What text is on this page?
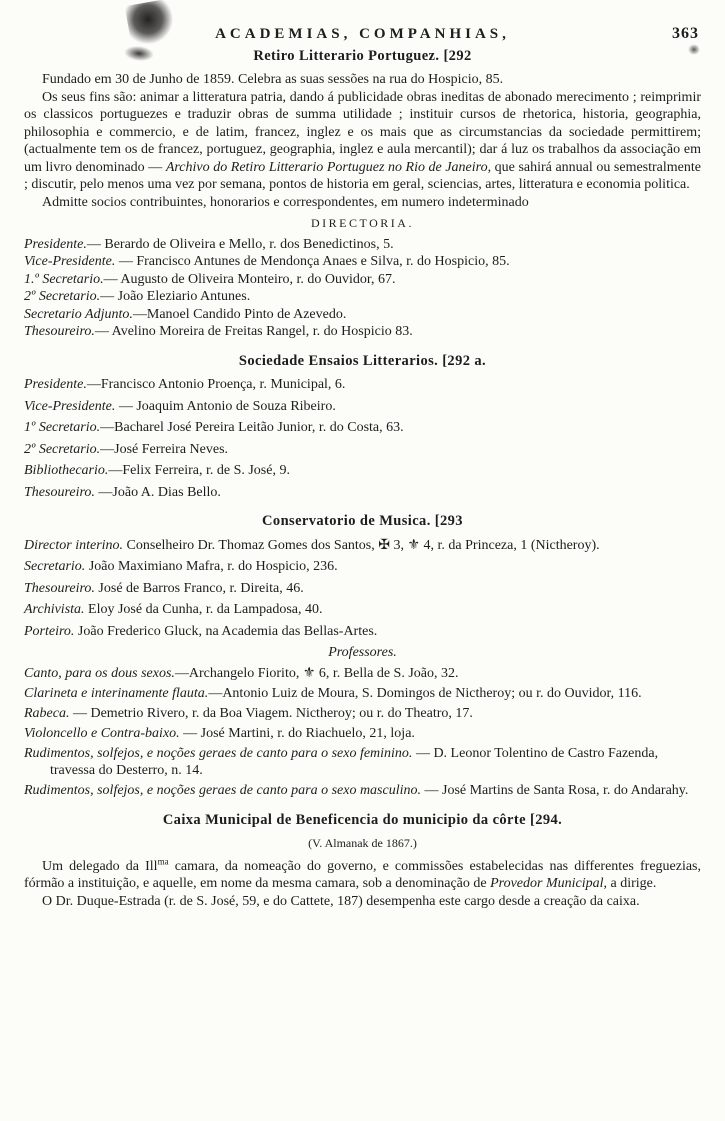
ACADEMIAS, COMPANHIAS,	363
Retiro Litterario Portuguez. [292

Fundado em 30 de Junho de 1859. Celebra as suas sessões na rua do Hospicio, 85.

Os seus fins são: animar a litteratura patria, dando á publicidade obras ineditas de abonado merecimento ; reimprimir os classicos portuguezes e traduzir obras de summa utilidade ; instituir cursos de rhetorica, historia, geographia, philosophia e commercio, e de latim, francez, inglez e os mais que as circumstancias da sociedade permittirem; (actualmente tem os de francez, portuguez, geographia, inglez e aula mercantil); dar á luz os trabalhos da associação em um livro denominado — Archivo do Retiro Litterario Portuguez no Rio de Janeiro, que sahirá annual ou semestralmente ; discutir, pelo menos uma vez por semana, pontos de historia em geral, sciencias, artes, litteratura e economia politica.

Admitte socios contribuintes, honorarios e correspondentes, em numero indeterminado

DIRECTORIA.
Presidente.— Berardo de Oliveira e Mello, r. dos Benedictinos, 5.
Vice-Presidente. — Francisco Antunes de Mendonça Anaes e Silva, r. do Hospicio, 85.
1.º Secretario.— Augusto de Oliveira Monteiro, r. do Ouvidor, 67.
2º Secretario.— João Eleziario Antunes.
Secretario Adjunto.—Manoel Candido Pinto de Azevedo.
Thesoureiro.— Avelino Moreira de Freitas Rangel, r. do Hospicio 83.
Sociedade Ensaios Litterarios. [292 a.
Presidente.—Francisco Antonio Proença, r. Municipal, 6.
Vice-Presidente. — Joaquim Antonio de Souza Ribeiro.
1º Secretario.—Bacharel José Pereira Leitão Junior, r. do Costa, 63.
2º Secretario.—José Ferreira Neves.
Bibliothecario.—Felix Ferreira, r. de S. José, 9.
Thesoureiro. —João A. Dias Bello.
Conservatorio de Musica. [293
Director interino. Conselheiro Dr. Thomaz Gomes dos Santos, ✠ 3, ⚜ 4, r. da Princeza, 1 (Nictheroy).
Secretario. João Maximiano Mafra, r. do Hospicio, 236.
Thesoureiro. José de Barros Franco, r. Direita, 46.
Archivista. Eloy José da Cunha, r. da Lampadosa, 40.
Porteiro. João Frederico Gluck, na Academia das Bellas-Artes.
Professores.
Canto, para os dous sexos.—Archangelo Fiorito, ⚜ 6, r. Bella de S. João, 32.
Clarineta e interinamente flauta.—Antonio Luiz de Moura, S. Domingos de Nictheroy; ou r. do Ouvidor, 116.
Rabeca. — Demetrio Rivero, r. da Boa Viagem. Nictheroy; ou r. do Theatro, 17.
Violoncello e Contra-baixo. — José Martini, r. do Riachuelo, 21, loja.
Rudimentos, solfejos, e noções geraes de canto para o sexo feminino. — D. Leonor Tolentino de Castro Fazenda, travessa do Desterro, n. 14.
Rudimentos, solfejos, e noções geraes de canto para o sexo masculino. — José Martins de Santa Rosa, r. do Andarahy.
Caixa Municipal de Beneficencia do municipio da côrte [294.
(V. Almanak de 1867.)

Um delegado da Ill$^{ma}$ camara, da nomeação do governo, e commissões estabelecidas nas differentes freguezias, fórmão a instituição, e aquelle, em nome da mesma camara, sob a denominação de Provedor Municipal, a dirige.

O Dr. Duque-Estrada (r. de S. José, 59, e do Cattete, 187) desempenha este cargo desde a creação da caixa.
